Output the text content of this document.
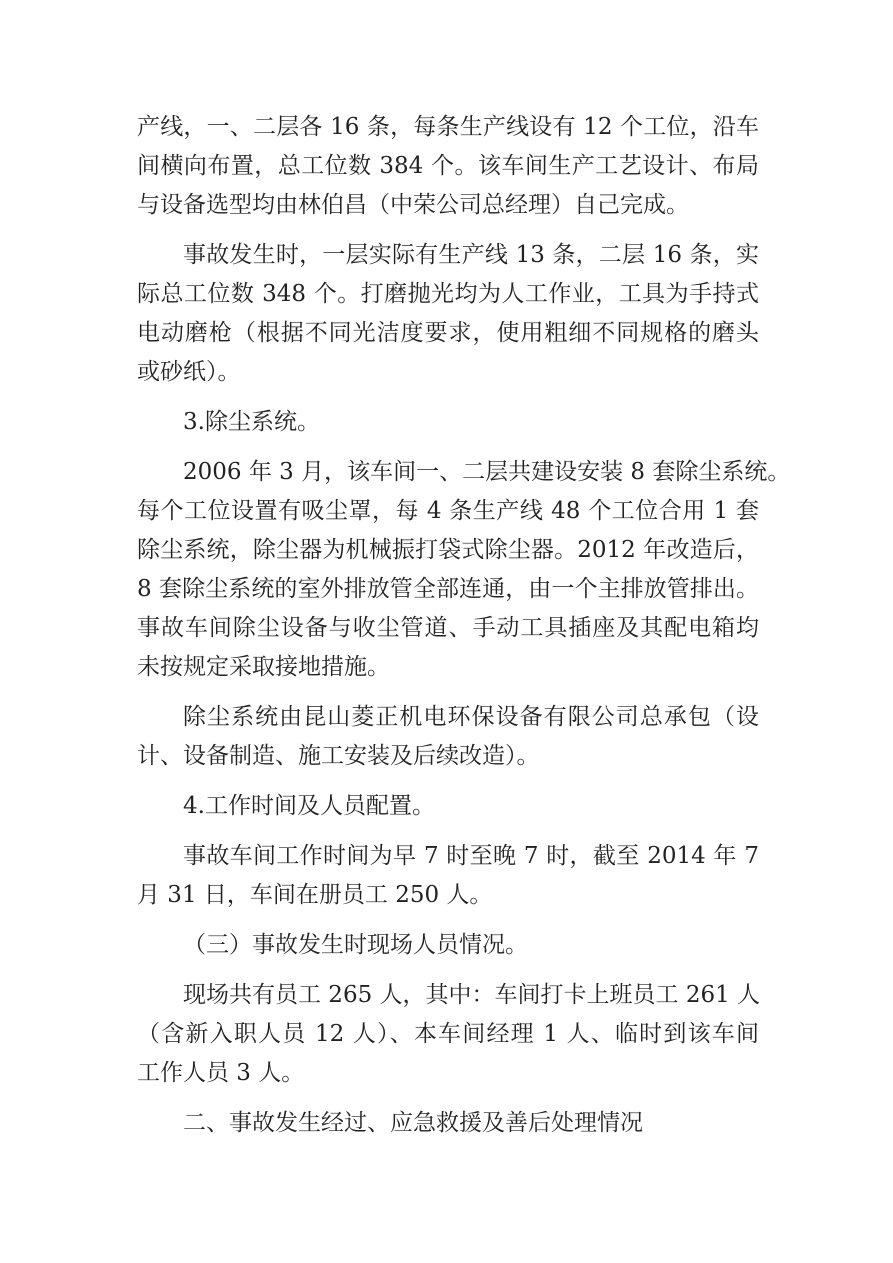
产线，一、二层各 16 条，每条生产线设有 12 个工位，沿车
间横向布置，总工位数 384 个。该车间生产工艺设计、布局
与设备选型均由林伯昌（中荣公司总经理）自己完成。

事故发生时，一层实际有生产线 13 条，二层 16 条，实
际总工位数 348 个。打磨抛光均为人工作业，工具为手持式
电动磨枪（根据不同光洁度要求，使用粗细不同规格的磨头
或砂纸）。

3.除尘系统。

2006 年 3 月，该车间一、二层共建设安装 8 套除尘系统。
每个工位设置有吸尘罩，每 4 条生产线 48 个工位合用 1 套
除尘系统，除尘器为机械振打袋式除尘器。2012 年改造后，
8 套除尘系统的室外排放管全部连通，由一个主排放管排出。
事故车间除尘设备与收尘管道、手动工具插座及其配电箱均
未按规定采取接地措施。

除尘系统由昆山菱正机电环保设备有限公司总承包（设
计、设备制造、施工安装及后续改造）。

4.工作时间及人员配置。

事故车间工作时间为早 7 时至晚 7 时，截至 2014 年 7
月 31 日，车间在册员工 250 人。

（三）事故发生时现场人员情况。

现场共有员工 265 人，其中：车间打卡上班员工 261 人
（含新入职人员 12 人）、本车间经理 1 人、临时到该车间
工作人员 3 人。

二、事故发生经过、应急救援及善后处理情况
